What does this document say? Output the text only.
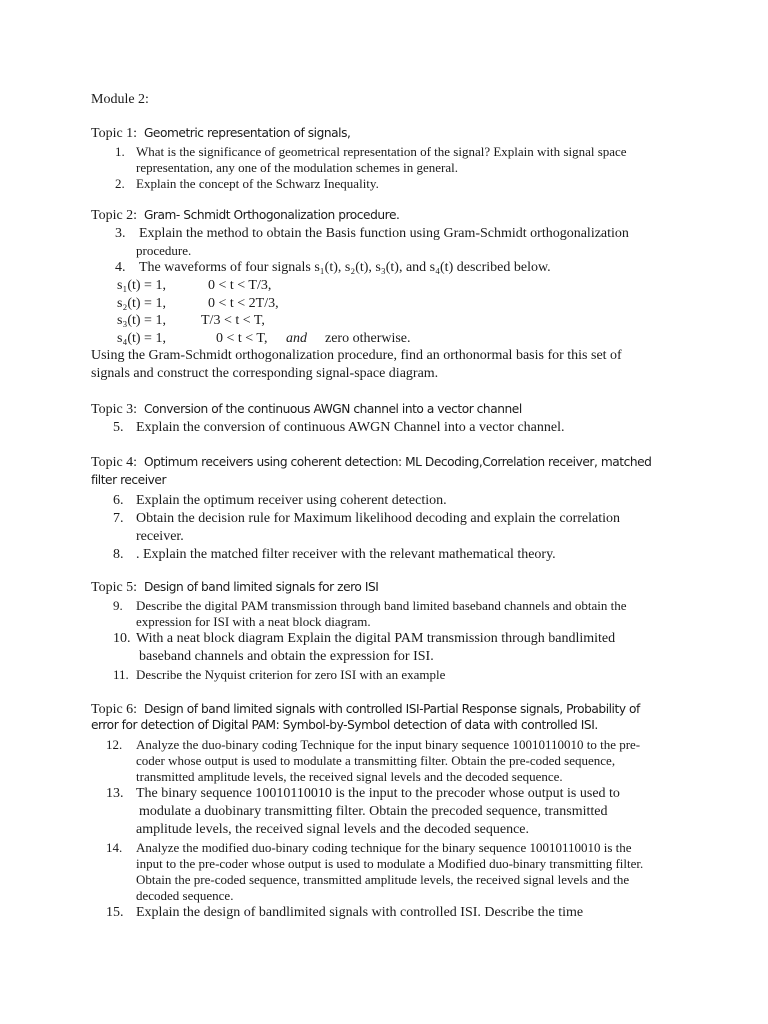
Module 2:
Topic 1: Geometric representation of signals,
1. What is the significance of geometrical representation of the signal? Explain with signal space
representation, any one of the modulation schemes in general.
2. Explain the concept of the Schwarz Inequality.
Topic 2: Gram- Schmidt Orthogonalization procedure.
3. Explain the method to obtain the Basis function using Gram-Schmidt orthogonalization
procedure.
4. The waveforms of four signals s₁(t), s₂(t), s₃(t), and s₄(t) described below.
s₁(t) = 1,	0 < t < T/3,
s₂(t) = 1,	0 < t < 2T/3,
s₃(t) = 1,	T/3 < t < T,
s₄(t) = 1,	0 < t < T, and zero otherwise.
Using the Gram-Schmidt orthogonalization procedure, find an orthonormal basis for this set of
signals and construct the corresponding signal-space diagram.
Topic 3: Conversion of the continuous AWGN channel into a vector channel
5. Explain the conversion of continuous AWGN Channel into a vector channel.
Topic 4: Optimum receivers using coherent detection: ML Decoding,Correlation receiver, matched
filter receiver
6. Explain the optimum receiver using coherent detection.
7. Obtain the decision rule for Maximum likelihood decoding and explain the correlation
receiver.
8. . Explain the matched filter receiver with the relevant mathematical theory.
Topic 5: Design of band limited signals for zero ISI
9. Describe the digital PAM transmission through band limited baseband channels and obtain the
expression for ISI with a neat block diagram.
10. With a neat block diagram Explain the digital PAM transmission through bandlimited
baseband channels and obtain the expression for ISI.
11. Describe the Nyquist criterion for zero ISI with an example
Topic 6: Design of band limited signals with controlled ISI-Partial Response signals, Probability of
error for detection of Digital PAM: Symbol-by-Symbol detection of data with controlled ISI.
12. Analyze the duo-binary coding Technique for the input binary sequence 10010110010 to the pre-
coder whose output is used to modulate a transmitting filter. Obtain the pre-coded sequence,
transmitted amplitude levels, the received signal levels and the decoded sequence.
13. The binary sequence 10010110010 is the input to the precoder whose output is used to
modulate a duobinary transmitting filter. Obtain the precoded sequence, transmitted
amplitude levels, the received signal levels and the decoded sequence.
14. Analyze the modified duo-binary coding technique for the binary sequence 10010110010 is the
input to the pre-coder whose output is used to modulate a Modified duo-binary transmitting filter.
Obtain the pre-coded sequence, transmitted amplitude levels, the received signal levels and the
decoded sequence.
15. Explain the design of bandlimited signals with controlled ISI. Describe the time
